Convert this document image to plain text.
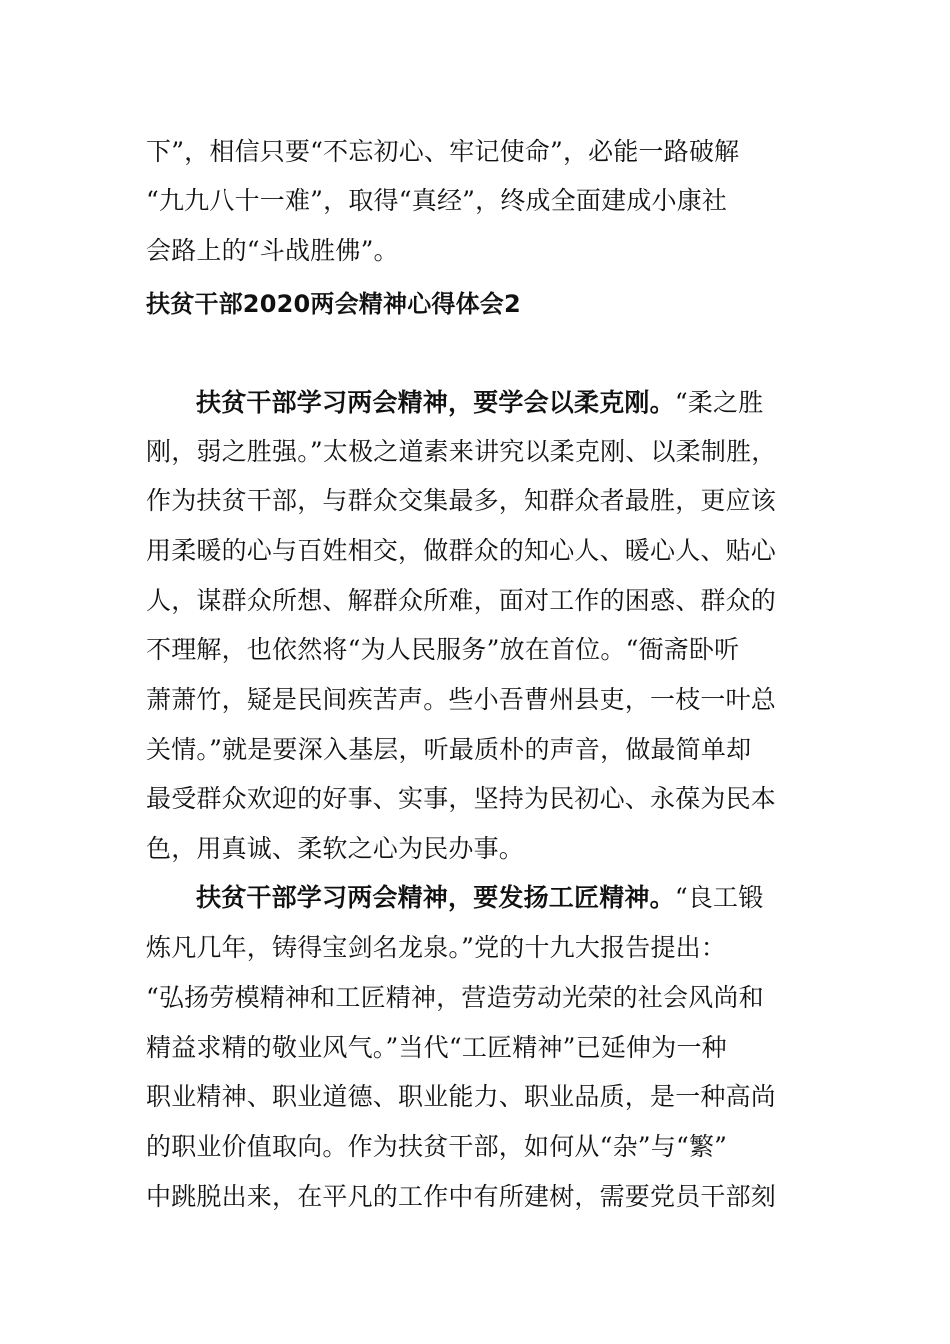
下”，相信只要“不忘初心、牢记使命”，必能一路破解
“九九八十一难”，取得“真经”，终成全面建成小康社
会路上的“斗战胜佛”。
扶贫干部2020两会精神心得体会2
扶贫干部学习两会精神，要学会以柔克刚。“柔之胜
刚，弱之胜强。”太极之道素来讲究以柔克刚、以柔制胜，
作为扶贫干部，与群众交集最多，知群众者最胜，更应该
用柔暖的心与百姓相交，做群众的知心人、暖心人、贴心
人，谋群众所想、解群众所难，面对工作的困惑、群众的
不理解，也依然将“为人民服务”放在首位。“衙斋卧听
萧萧竹，疑是民间疾苦声。些小吾曹州县吏，一枝一叶总
关情。”就是要深入基层，听最质朴的声音，做最简单却
最受群众欢迎的好事、实事，坚持为民初心、永葆为民本
色，用真诚、柔软之心为民办事。
扶贫干部学习两会精神，要发扬工匠精神。“良工锻
炼凡几年，铸得宝剑名龙泉。”党的十九大报告提出：
“弘扬劳模精神和工匠精神，营造劳动光荣的社会风尚和
精益求精的敬业风气。”当代“工匠精神”已延伸为一种
职业精神、职业道德、职业能力、职业品质，是一种高尚
的职业价值取向。作为扶贫干部，如何从“杂”与“繁”
中跳脱出来，在平凡的工作中有所建树，需要党员干部刻
